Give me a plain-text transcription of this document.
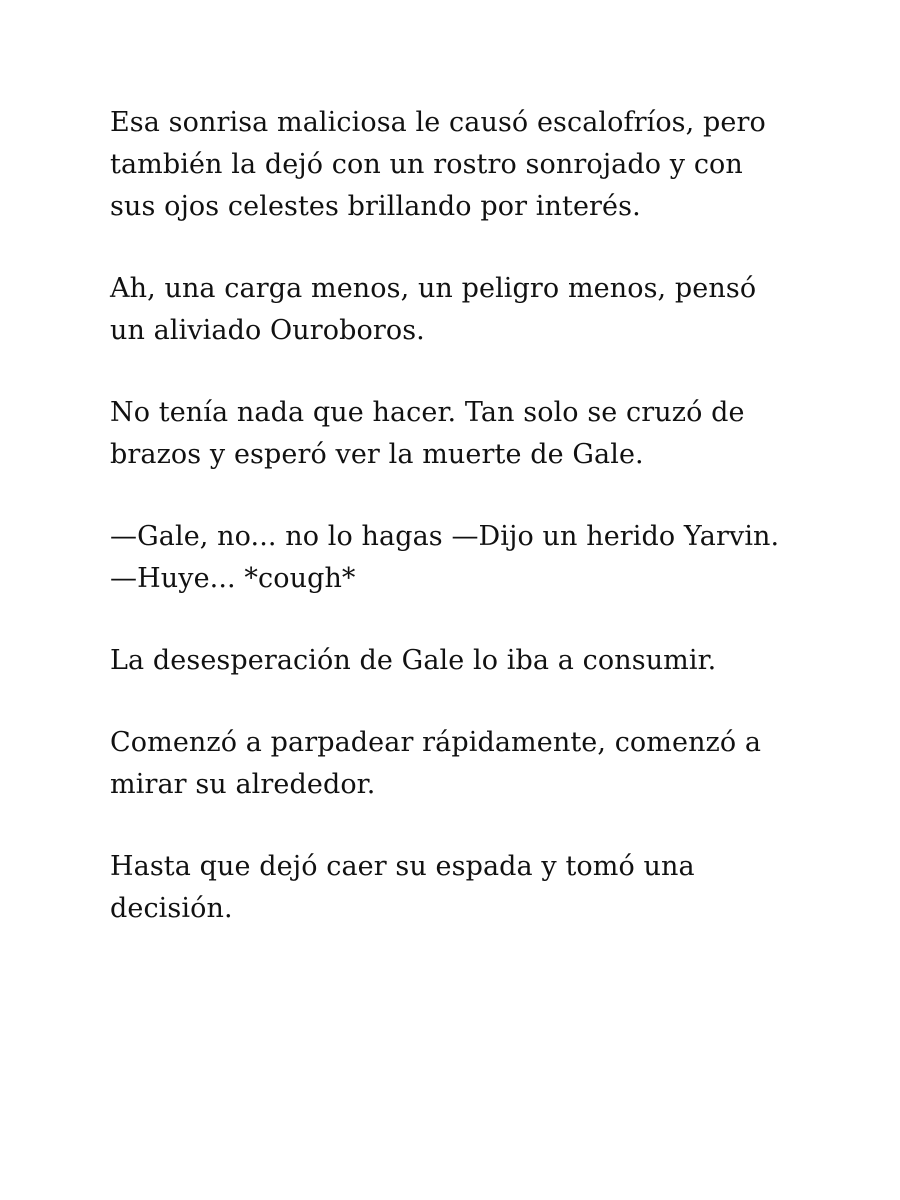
Esa sonrisa maliciosa le causó escalofríos, pero
también la dejó con un rostro sonrojado y con
sus ojos celestes brillando por interés.

Ah, una carga menos, un peligro menos, pensó
un aliviado Ouroboros.

No tenía nada que hacer. Tan solo se cruzó de
brazos y esperó ver la muerte de Gale.

—Gale, no... no lo hagas —Dijo un herido Yarvin.
—Huye... *cough*

La desesperación de Gale lo iba a consumir.

Comenzó a parpadear rápidamente, comenzó a
mirar su alrededor.

Hasta que dejó caer su espada y tomó una
decisión.
